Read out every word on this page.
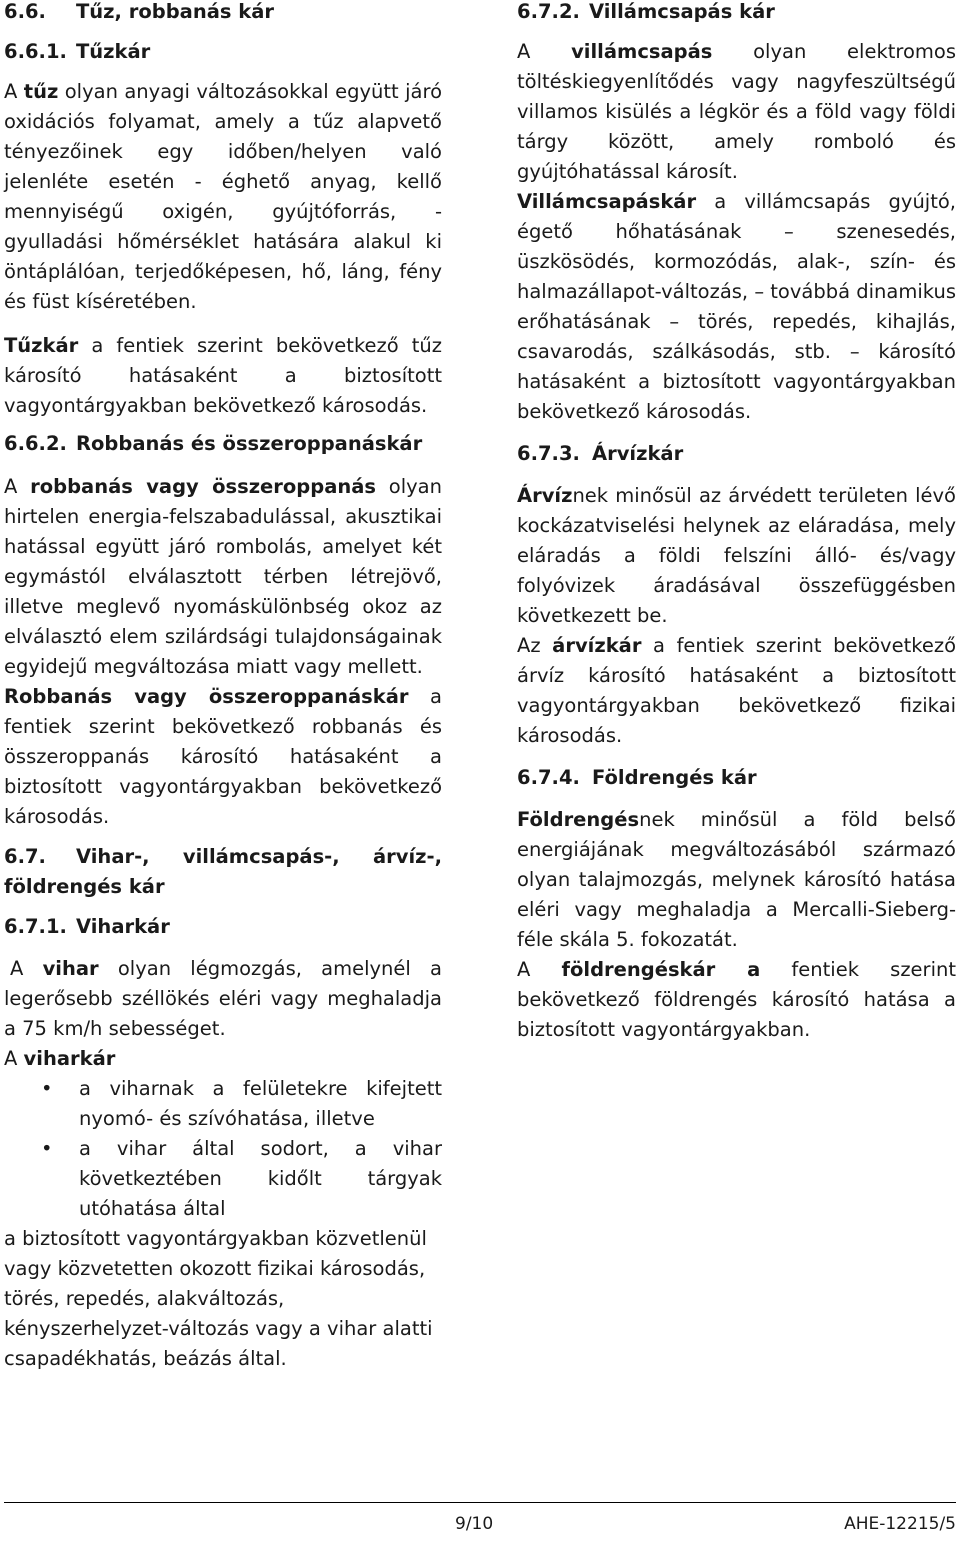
6.6. Tűz, robbanás kár
6.6.1. Tűzkár

A tűz olyan anyagi változásokkal együtt járó oxidációs folyamat, amely a tűz alapvető tényezőinek egy időben/helyen való jelenléte esetén - éghető anyag, kellő mennyiségű oxigén, gyújtóforrás, - gyulladási hőmérséklet hatására alakul ki öntáplálóan, terjedőképesen, hő, láng, fény és füst kíséretében.

Tűzkár a fentiek szerint bekövetkező tűz károsító hatásaként a biztosított vagyontárgyakban bekövetkező károsodás.

6.6.2. Robbanás és összeroppanáskár

A robbanás vagy összeroppanás olyan hirtelen energia-felszabadulással, akusztikai hatással együtt járó rombolás, amelyet két egymástól elválasztott térben létrejövő, illetve meglevő nyomáskülönbség okoz az elválasztó elem szilárdsági tulajdonságainak egyidejű megváltozása miatt vagy mellett.

Robbanás vagy összeroppanáskár a fentiek szerint bekövetkező robbanás és összeroppanás károsító hatásaként a biztosított vagyontárgyakban bekövetkező károsodás.

6.7. Vihar-, villámcsapás-, árvíz-, földrengés kár
6.7.1. Viharkár

A vihar olyan légmozgás, amelynél a legerősebb széllökés eléri vagy meghaladja a 75 km/h sebességet.

A viharkár

• a viharnak a felületekre kifejtett nyomó- és szívóhatása, illetve
• a vihar által sodort, a vihar következtében kidőlt tárgyak utóhatása által

a biztosított vagyontárgyakban közvetlenül vagy közvetetten okozott fizikai károsodás, törés, repedés, alakváltozás, kényszerhelyzet-változás vagy a vihar alatti csapadékhatás, beázás által.

6.7.2. Villámcsapás kár

A villámcsapás olyan elektromos töltéskiegyenlítődés vagy nagyfeszültségű villamos kisülés a légkör és a föld vagy földi tárgy között, amely romboló és gyújtóhatással károsít.

Villámcsapáskár a villámcsapás gyújtó, égető hőhatásának – szenesedés, üszkösödés, kormozódás, alak-, szín- és halmazállapot-változás, – továbbá dinamikus erőhatásának – törés, repedés, kihajlás, csavarodás, szálkásodás, stb. – károsító hatásaként a biztosított vagyontárgyakban bekövetkező károsodás.

6.7.3. Árvízkár

Árvíznek minősül az árvédett területen lévő kockázatviselési helynek az eláradása, mely eláradás a földi felszíni álló- és/vagy folyóvizek áradásával összefüggésben következett be.

Az árvízkár a fentiek szerint bekövetkező árvíz károsító hatásaként a biztosított vagyontárgyakban bekövetkező fizikai károsodás.

6.7.4. Földrengés kár

Földrengésnek minősül a föld belső energiájának megváltozásából származó olyan talajmozgás, melynek károsító hatása eléri vagy meghaladja a Mercalli-Sieberg-féle skála 5. fokozatát.

A földrengéskár a fentiek szerint bekövetkező földrengés károsító hatása a biztosított vagyontárgyakban.

9/10	AHE-12215/5
